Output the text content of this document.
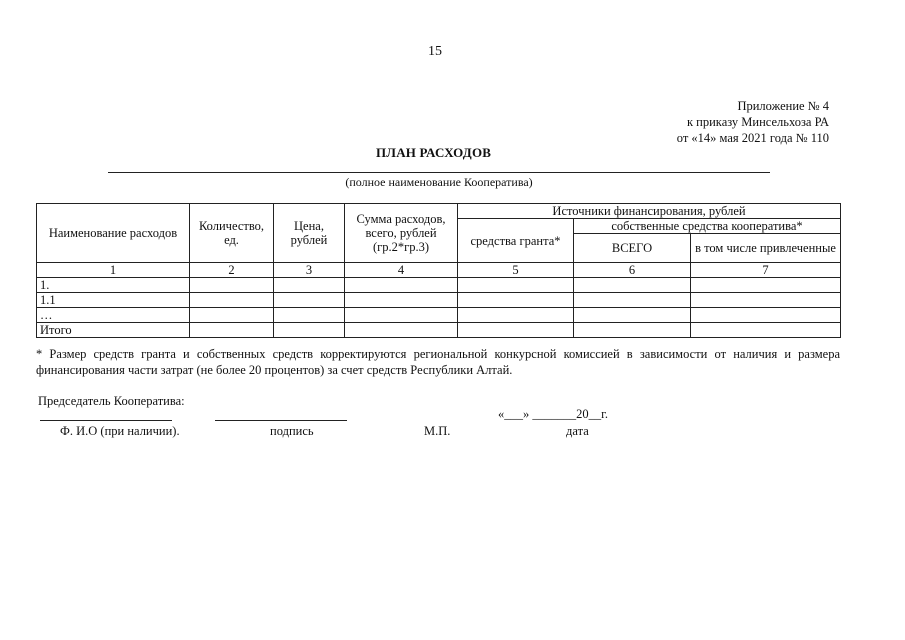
15
Приложение № 4
к приказу Минсельхоза РА
от «14» мая 2021 года № 110
ПЛАН РАСХОДОВ
(полное наименование Кооператива)
Наименование расходов	Количество, ед.	Цена, рублей	Сумма расходов, всего, рублей (гр.2*гр.3)	Источники финансирования, рублей		
				средства гранта*	собственные средства кооператива*	
					ВСЕГО	в том числе привлеченные
1	2	3	4	5	6	7
1.						
1.1						
…						
Итого						
* Размер средств гранта и собственных средств корректируются региональной конкурсной комиссией в зависимости от наличия и размера финансирования части затрат (не более 20 процентов) за счет средств Республики Алтай.
Председатель Кооператива:
«___» _______20__г.
Ф. И.О (при наличии).	подпись	М.П.	дата
